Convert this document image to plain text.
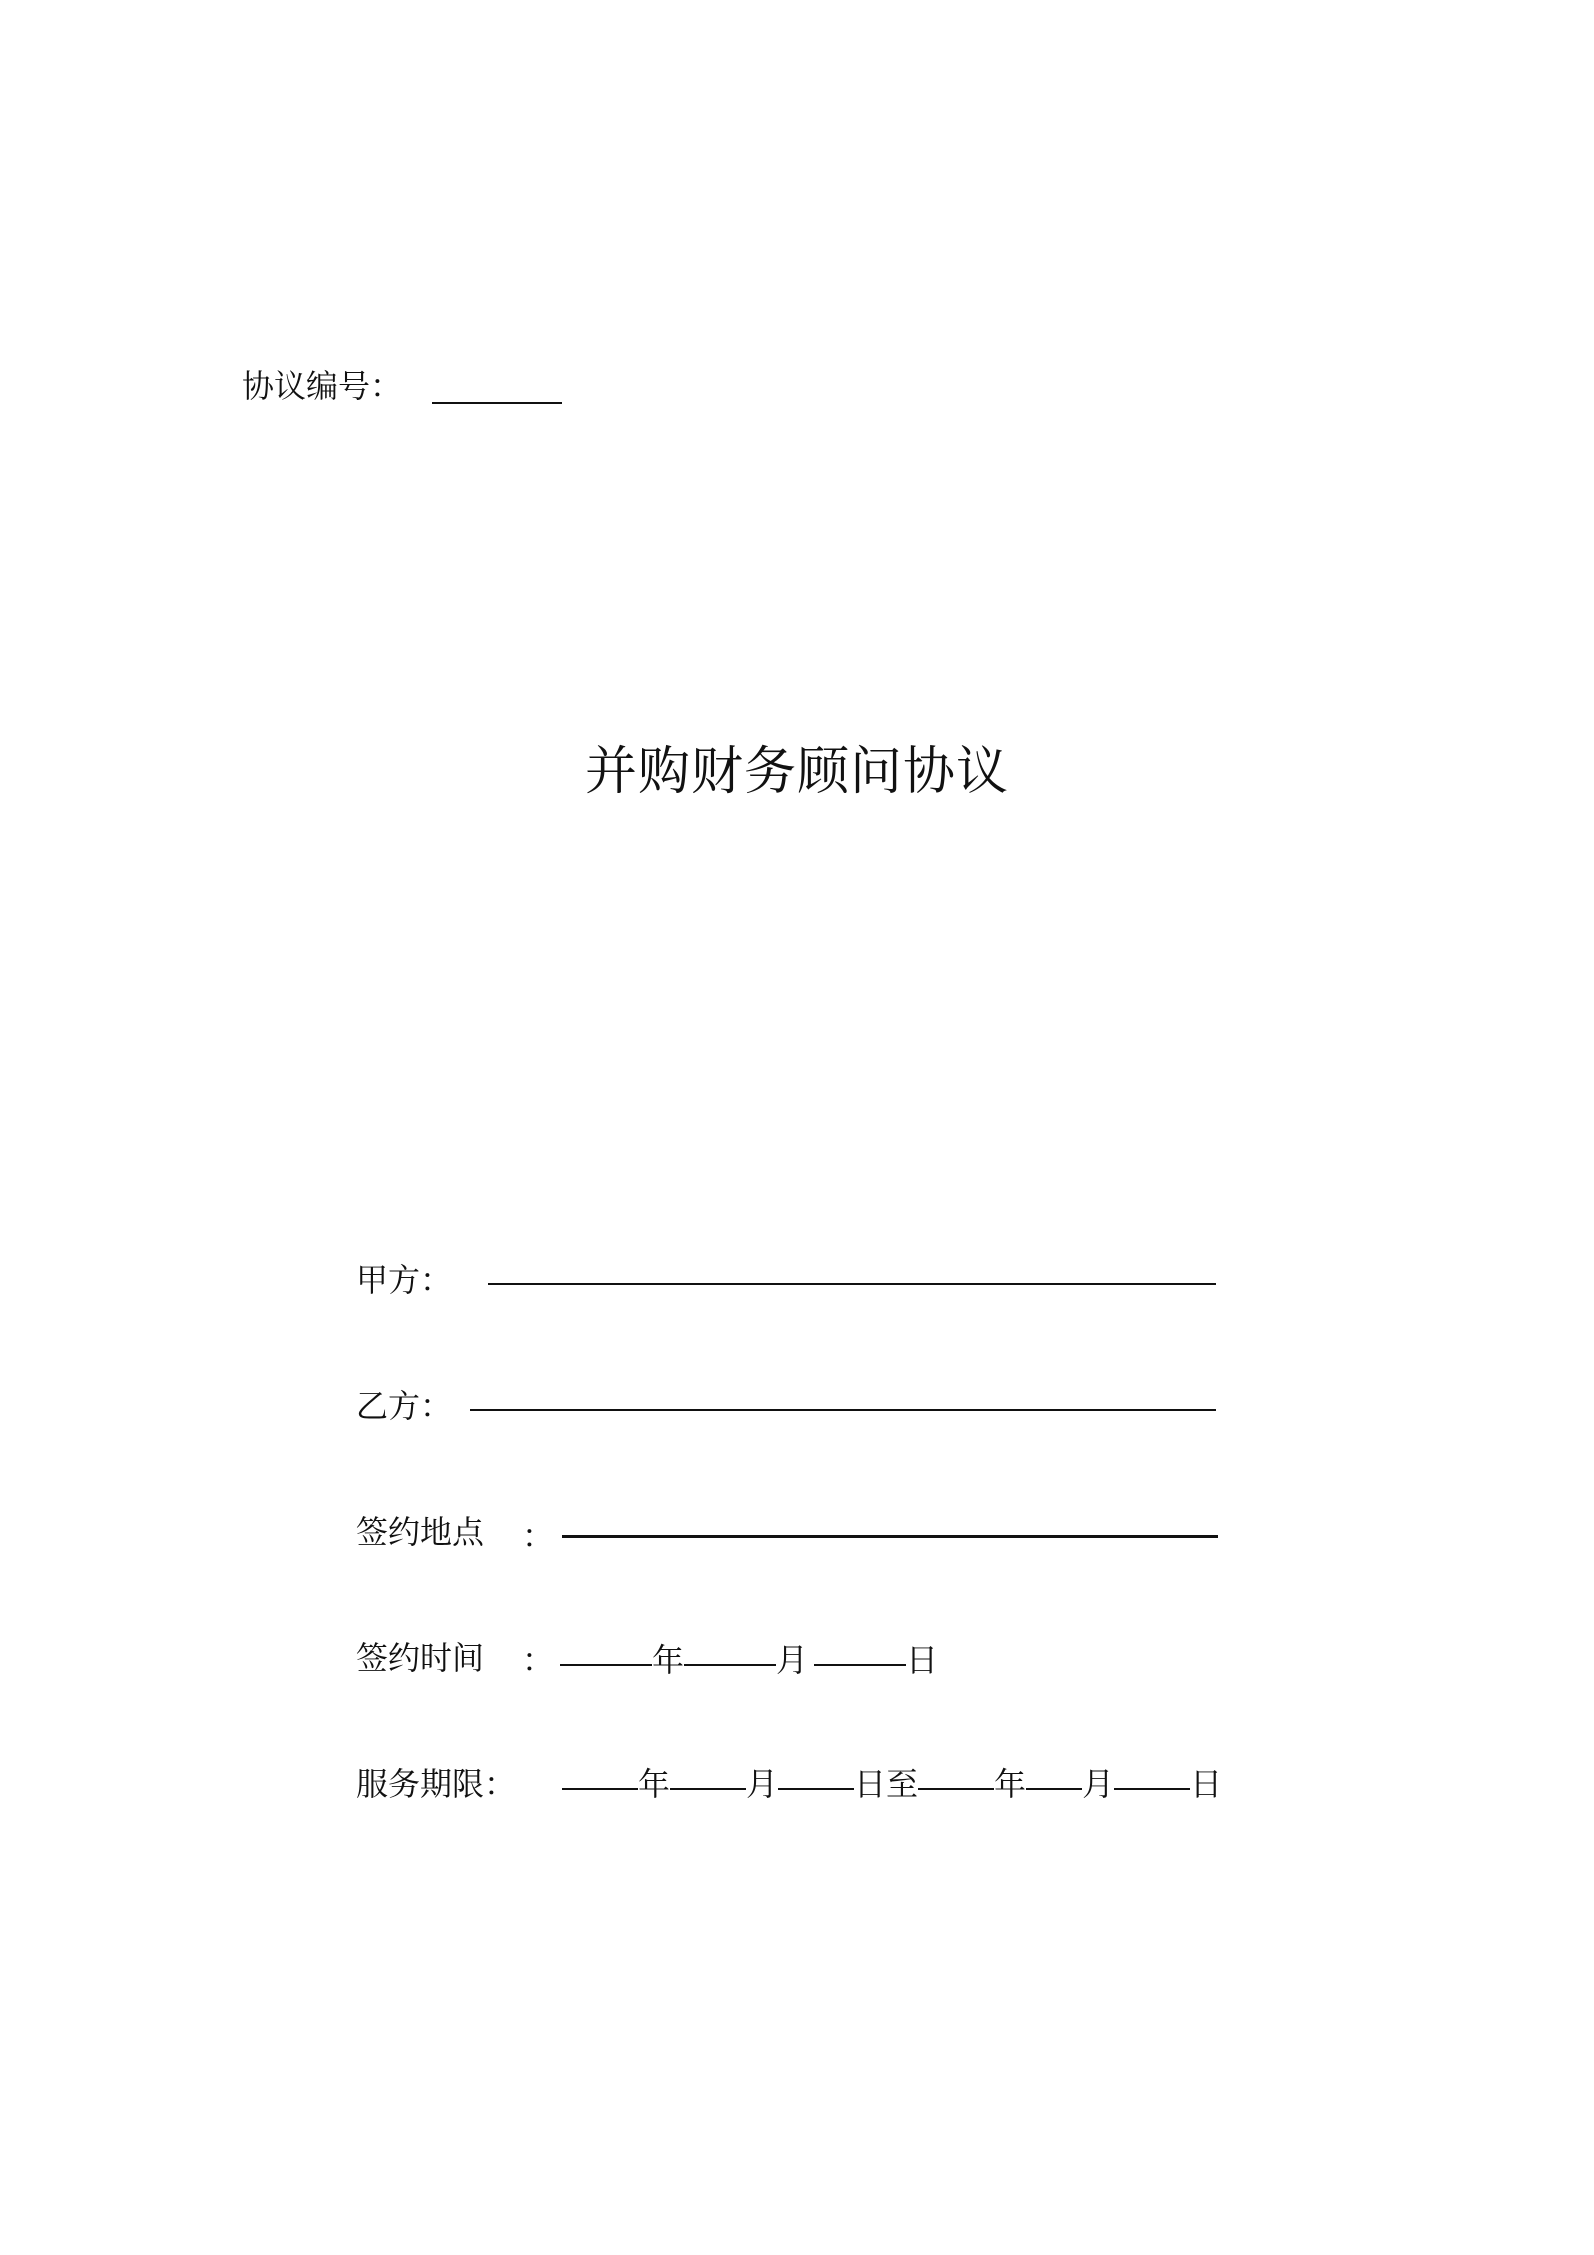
协议编号：
并购财务顾问协议
甲方：
乙方：
签约地点 ：
签约时间 ：	年	月	日
服务期限：	年 月 日至 年 月 日
